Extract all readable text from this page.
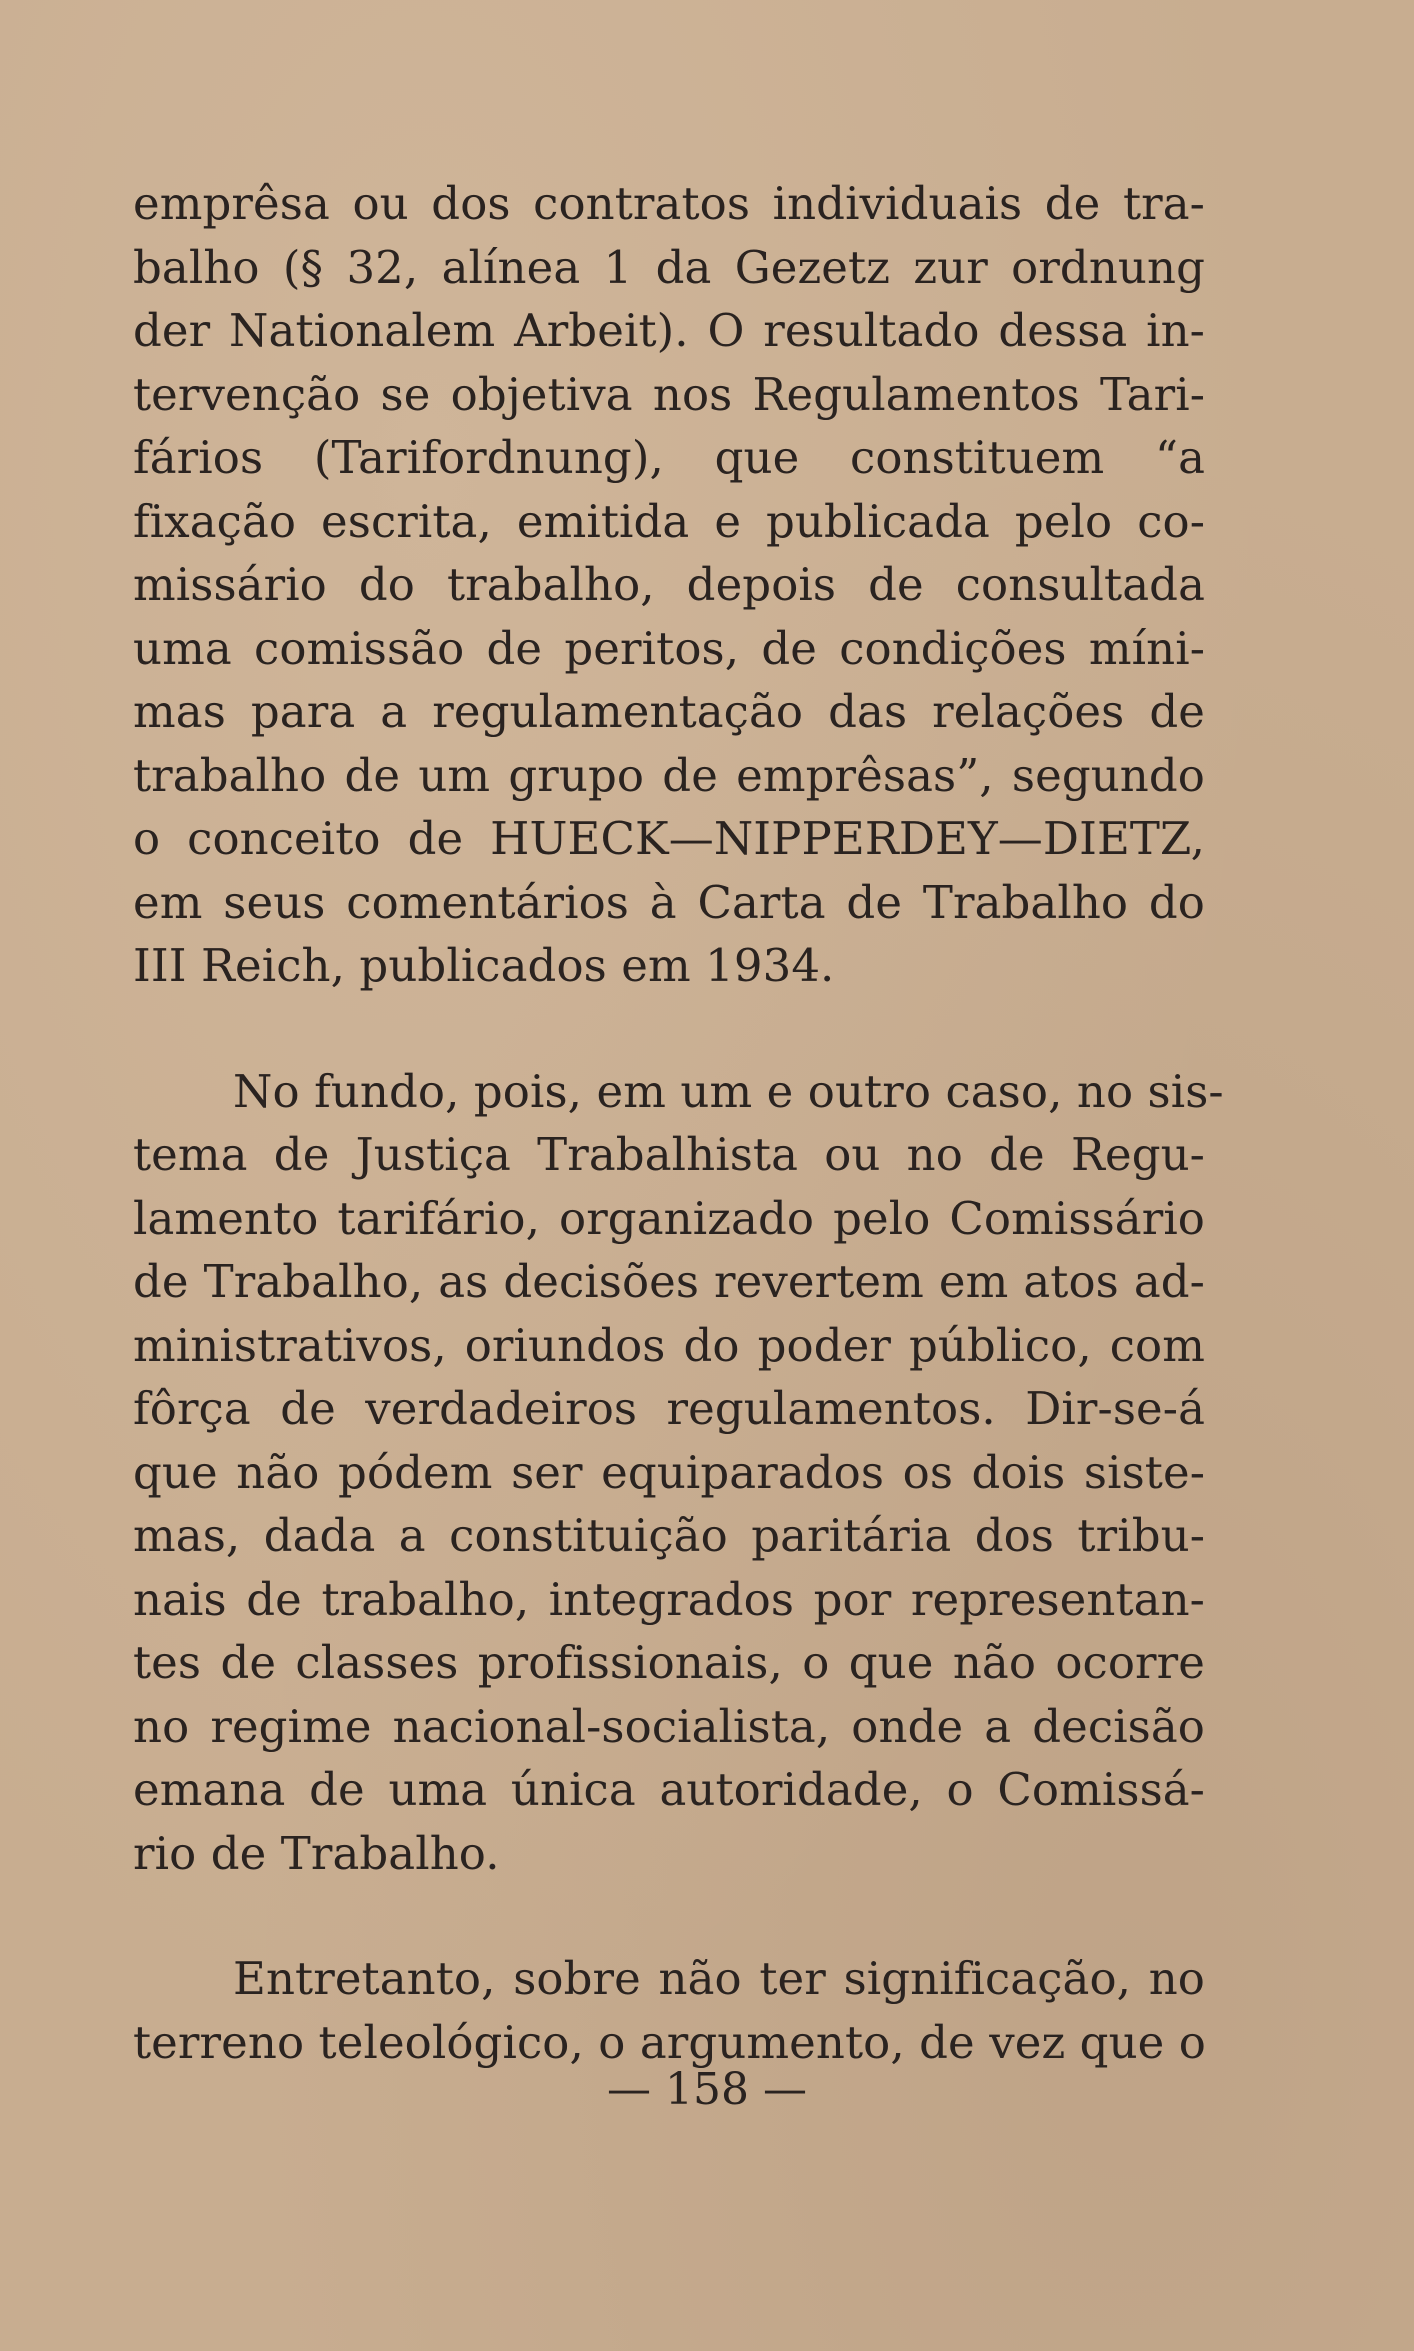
emprêsa ou dos contratos individuais de tra-
balho (§ 32, alínea 1 da Gezetz zur ordnung
der Nationalem Arbeit). O resultado dessa in-
tervenção se objetiva nos Regulamentos Tari-
fários (Tarifordnung), que constituem “a
fixação escrita, emitida e publicada pelo co-
missário do trabalho, depois de consultada
uma comissão de peritos, de condições míni-
mas para a regulamentação das relações de
trabalho de um grupo de emprêsas”, segundo
o conceito de HUECK—NIPPERDEY—DIETZ,
em seus comentários à Carta de Trabalho do
III Reich, publicados em 1934.
No fundo, pois, em um e outro caso, no sis-
tema de Justiça Trabalhista ou no de Regu-
lamento tarifário, organizado pelo Comissário
de Trabalho, as decisões revertem em atos ad-
ministrativos, oriundos do poder público, com
fôrça de verdadeiros regulamentos. Dir-se-á
que não pódem ser equiparados os dois siste-
mas, dada a constituição paritária dos tribu-
nais de trabalho, integrados por representan-
tes de classes profissionais, o que não ocorre
no regime nacional-socialista, onde a decisão
emana de uma única autoridade, o Comissá-
rio de Trabalho.
Entretanto, sobre não ter significação, no
terreno teleológico, o argumento, de vez que o
— 158 —
